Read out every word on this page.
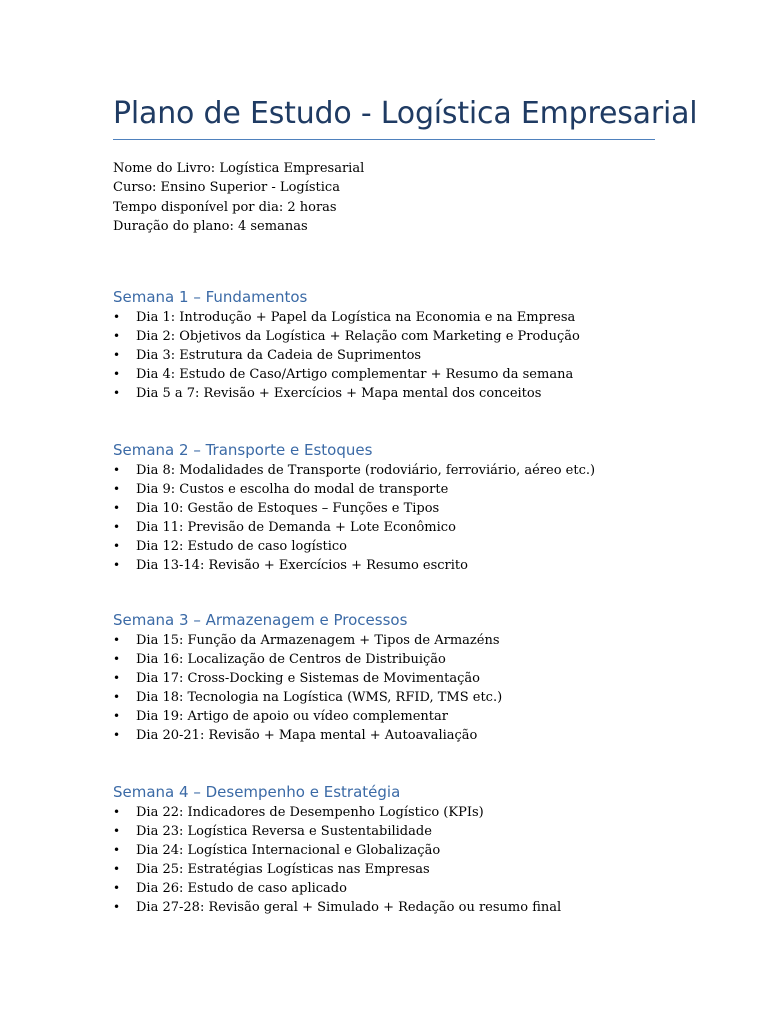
Plano de Estudo - Logística Empresarial
Nome do Livro: Logística Empresarial
Curso: Ensino Superior - Logística
Tempo disponível por dia: 2 horas
Duração do plano: 4 semanas
Semana 1 – Fundamentos
• Dia 1: Introdução + Papel da Logística na Economia e na Empresa
• Dia 2: Objetivos da Logística + Relação com Marketing e Produção
• Dia 3: Estrutura da Cadeia de Suprimentos
• Dia 4: Estudo de Caso/Artigo complementar + Resumo da semana
• Dia 5 a 7: Revisão + Exercícios + Mapa mental dos conceitos
Semana 2 – Transporte e Estoques
• Dia 8: Modalidades de Transporte (rodoviário, ferroviário, aéreo etc.)
• Dia 9: Custos e escolha do modal de transporte
• Dia 10: Gestão de Estoques – Funções e Tipos
• Dia 11: Previsão de Demanda + Lote Econômico
• Dia 12: Estudo de caso logístico
• Dia 13-14: Revisão + Exercícios + Resumo escrito
Semana 3 – Armazenagem e Processos
• Dia 15: Função da Armazenagem + Tipos de Armazéns
• Dia 16: Localização de Centros de Distribuição
• Dia 17: Cross-Docking e Sistemas de Movimentação
• Dia 18: Tecnologia na Logística (WMS, RFID, TMS etc.)
• Dia 19: Artigo de apoio ou vídeo complementar
• Dia 20-21: Revisão + Mapa mental + Autoavaliação
Semana 4 – Desempenho e Estratégia
• Dia 22: Indicadores de Desempenho Logístico (KPIs)
• Dia 23: Logística Reversa e Sustentabilidade
• Dia 24: Logística Internacional e Globalização
• Dia 25: Estratégias Logísticas nas Empresas
• Dia 26: Estudo de caso aplicado
• Dia 27-28: Revisão geral + Simulado + Redação ou resumo final
